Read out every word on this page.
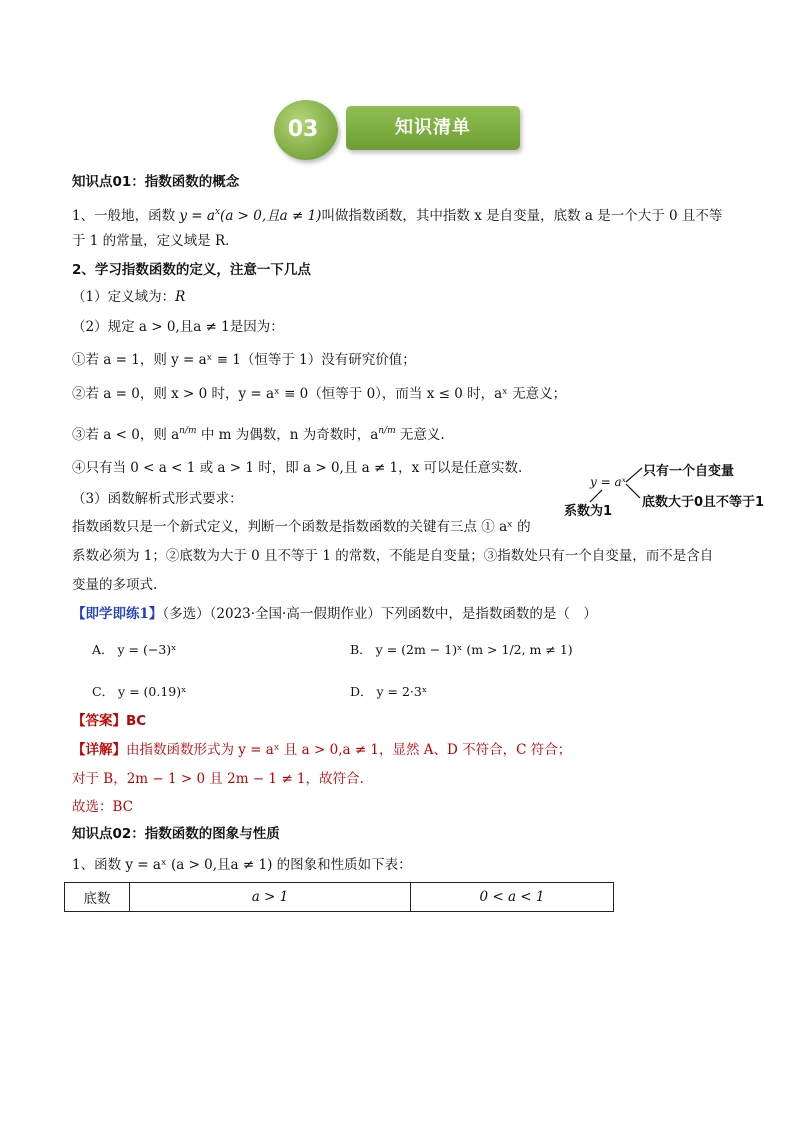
03	知识清单
知识点01：指数函数的概念
1、一般地，函数 $y = a^x(a > 0$,且a ≠ 1)叫做指数函数，其中指数 x 是自变量，底数 a 是一个大于 0 且不等
于 1 的常量，定义域是 R．
2、学习指数函数的定义，注意一下几点
（1）定义域为：R
（2）规定 a > 0,且a ≠ 1是因为：
①若 a = 1，则 y = aˣ ≡ 1（恒等于 1）没有研究价值；
②若 a = 0，则 x > 0 时，y = aˣ ≡ 0（恒等于 0），而当 x ≤ 0 时，aˣ 无意义；
③若 a < 0，则 $a^{n/m}$ 中 m 为偶数，n 为奇数时，$a^{n/m}$ 无意义.
④只有当 0 < a < 1 或 a > 1 时，即 a > 0,且 a ≠ 1，x 可以是任意实数.
（3）函数解析式形式要求：
指数函数只是一个新式定义，判断一个函数是指数函数的关键有三点 ① aˣ 的
系数必须为 1；②底数为大于 0 且不等于 1 的常数，不能是自变量；③指数处只有一个自变量，而不是含自
变量的多项式.
y = aˣ
只有一个自变量
底数大于0且不等于1
系数为1
【即学即练1】（多选）（2023·全国·高一假期作业）下列函数中，是指数函数的是（　）
A． y = (−3)ˣ	B． y = (2m − 1)ˣ (m > 1/2, m ≠ 1)
C． y = (0.19)ˣ	D． y = 2·3ˣ
【答案】BC
【详解】由指数函数形式为 y = aˣ 且 a > 0,a ≠ 1，显然 A、D 不符合，C 符合；
对于 B，2m − 1 > 0 且 2m − 1 ≠ 1，故符合.
故选：BC
知识点02：指数函数的图象与性质
1、函数 y = aˣ (a > 0,且a ≠ 1) 的图象和性质如下表：
底数	a > 1	0 < a < 1
